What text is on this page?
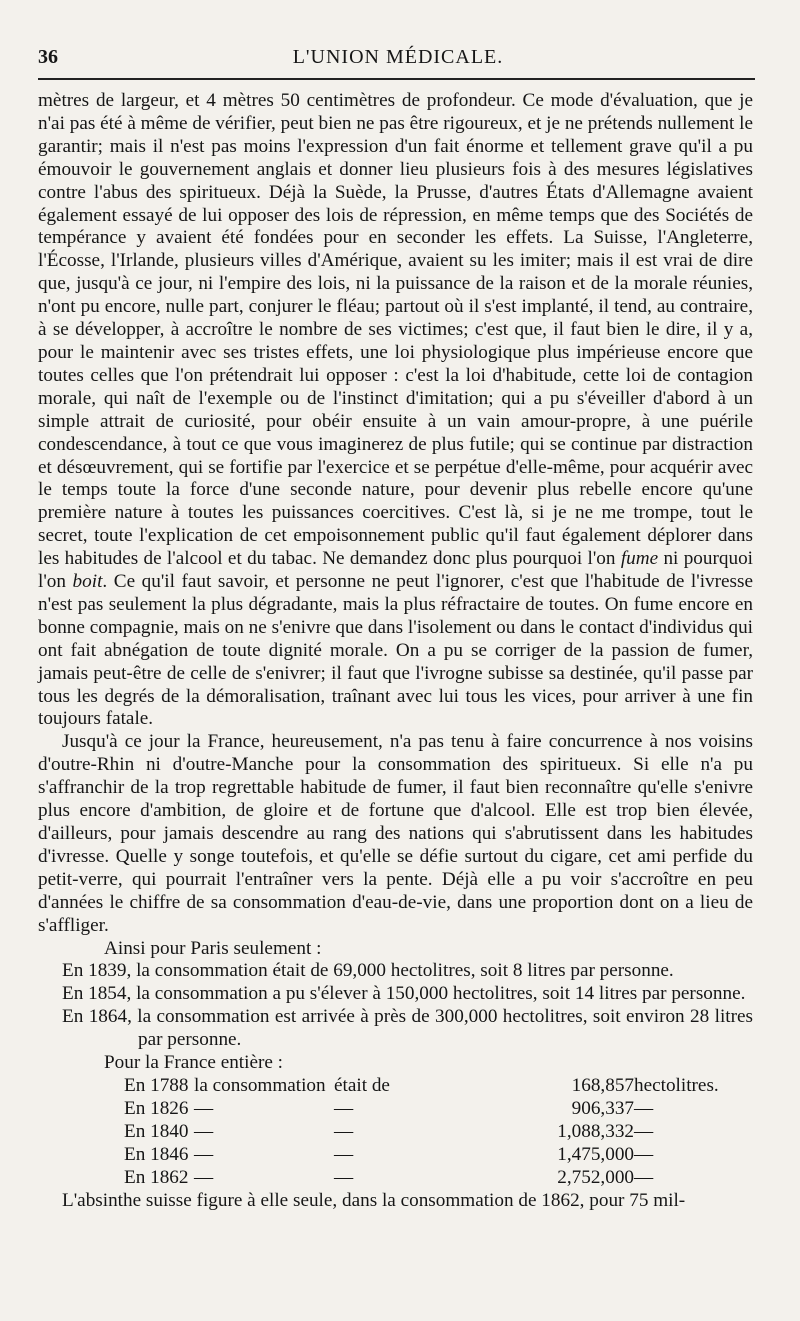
36	L'UNION MÉDICALE.

mètres de largeur, et 4 mètres 50 centimètres de profondeur. Ce mode d'évaluation, que je n'ai pas été à même de vérifier, peut bien ne pas être rigoureux, et je ne prétends nullement le garantir; mais il n'est pas moins l'expression d'un fait énorme et tellement grave qu'il a pu émouvoir le gouvernement anglais et donner lieu plusieurs fois à des mesures législatives contre l'abus des spiritueux. Déjà la Suède, la Prusse, d'autres États d'Allemagne avaient également essayé de lui opposer des lois de répression, en même temps que des Sociétés de tempérance y avaient été fondées pour en seconder les effets. La Suisse, l'Angleterre, l'Écosse, l'Irlande, plusieurs villes d'Amérique, avaient su les imiter; mais il est vrai de dire que, jusqu'à ce jour, ni l'empire des lois, ni la puissance de la raison et de la morale réunies, n'ont pu encore, nulle part, conjurer le fléau; partout où il s'est implanté, il tend, au contraire, à se développer, à accroître le nombre de ses victimes; c'est que, il faut bien le dire, il y a, pour le maintenir avec ses tristes effets, une loi physiologique plus impérieuse encore que toutes celles que l'on prétendrait lui opposer : c'est la loi d'habitude, cette loi de contagion morale, qui naît de l'exemple ou de l'instinct d'imitation; qui a pu s'éveiller d'abord à un simple attrait de curiosité, pour obéir ensuite à un vain amour-propre, à une puérile condescendance, à tout ce que vous imaginerez de plus futile; qui se continue par distraction et désœuvrement, qui se fortifie par l'exercice et se perpétue d'elle-même, pour acquérir avec le temps toute la force d'une seconde nature, pour devenir plus rebelle encore qu'une première nature à toutes les puissances coercitives. C'est là, si je ne me trompe, tout le secret, toute l'explication de cet empoisonnement public qu'il faut également déplorer dans les habitudes de l'alcool et du tabac. Ne demandez donc plus pourquoi l'on fume ni pourquoi l'on boit. Ce qu'il faut savoir, et personne ne peut l'ignorer, c'est que l'habitude de l'ivresse n'est pas seulement la plus dégradante, mais la plus réfractaire de toutes. On fume encore en bonne compagnie, mais on ne s'enivre que dans l'isolement ou dans le contact d'individus qui ont fait abnégation de toute dignité morale. On a pu se corriger de la passion de fumer, jamais peut-être de celle de s'enivrer; il faut que l'ivrogne subisse sa destinée, qu'il passe par tous les degrés de la démoralisation, traînant avec lui tous les vices, pour arriver à une fin toujours fatale.

Jusqu'à ce jour la France, heureusement, n'a pas tenu à faire concurrence à nos voisins d'outre-Rhin ni d'outre-Manche pour la consommation des spiritueux. Si elle n'a pu s'affranchir de la trop regrettable habitude de fumer, il faut bien reconnaître qu'elle s'enivre plus encore d'ambition, de gloire et de fortune que d'alcool. Elle est trop bien élevée, d'ailleurs, pour jamais descendre au rang des nations qui s'abrutissent dans les habitudes d'ivresse. Quelle y songe toutefois, et qu'elle se défie surtout du cigare, cet ami perfide du petit-verre, qui pourrait l'entraîner vers la pente. Déjà elle a pu voir s'accroître en peu d'années le chiffre de sa consommation d'eau-de-vie, dans une proportion dont on a lieu de s'affliger.

Ainsi pour Paris seulement :

En 1839, la consommation était de 69,000 hectolitres, soit 8 litres par personne.

En 1854, la consommation a pu s'élever à 150,000 hectolitres, soit 14 litres par personne.

En 1864, la consommation est arrivée à près de 300,000 hectolitres, soit environ 28 litres par personne.

Pour la France entière :

En 1788	la consommation	était de	168,857	hectolitres.
En 1826	—	—	906,337	—
En 1840	—	—	1,088,332	—
En 1846	—	—	1,475,000	—
En 1862	—	—	2,752,000	—

L'absinthe suisse figure à elle seule, dans la consommation de 1862, pour 75 mil-
